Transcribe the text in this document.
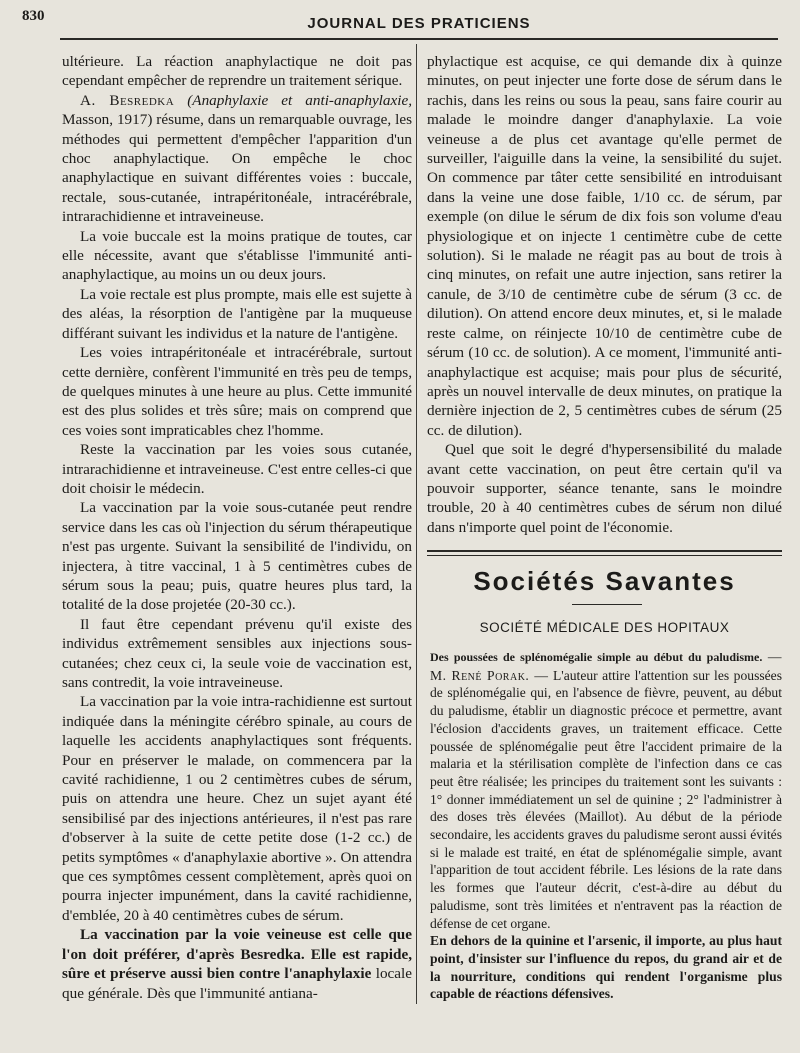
830	JOURNAL DES PRATICIENS

ultérieure. La réaction anaphylactique ne doit pas cependant empêcher de reprendre un traitement sérique.

A. Besredka (Anaphylaxie et anti-anaphylaxie, Masson, 1917) résume, dans un remarquable ouvrage, les méthodes qui permettent d'empêcher l'apparition d'un choc anaphylactique. On empêche le choc anaphylactique en suivant différentes voies : buccale, rectale, sous-cutanée, intrapéritonéale, intracérébrale, intrarachidienne et intraveineuse.

La voie buccale est la moins pratique de toutes, car elle nécessite, avant que s'établisse l'immunité anti-anaphylactique, au moins un ou deux jours.

La voie rectale est plus prompte, mais elle est sujette à des aléas, la résorption de l'antigène par la muqueuse différant suivant les individus et la nature de l'antigène.

Les voies intrapéritonéale et intracérébrale, surtout cette dernière, confèrent l'immunité en très peu de temps, de quelques minutes à une heure au plus. Cette immunité est des plus solides et très sûre; mais on comprend que ces voies sont impraticables chez l'homme.

Reste la vaccination par les voies sous cutanée, intrarachidienne et intraveineuse. C'est entre celles-ci que doit choisir le médecin.

La vaccination par la voie sous-cutanée peut rendre service dans les cas où l'injection du sérum thérapeutique n'est pas urgente. Suivant la sensibilité de l'individu, on injectera, à titre vaccinal, 1 à 5 centimètres cubes de sérum sous la peau; puis, quatre heures plus tard, la totalité de la dose projetée (20-30 cc.).

Il faut être cependant prévenu qu'il existe des individus extrêmement sensibles aux injections sous-cutanées; chez ceux ci, la seule voie de vaccination est, sans contredit, la voie intraveineuse.

La vaccination par la voie intra-rachidienne est surtout indiquée dans la méningite cérébro spinale, au cours de laquelle les accidents anaphylactiques sont fréquents. Pour en préserver le malade, on commencera par la cavité rachidienne, 1 ou 2 centimètres cubes de sérum, puis on attendra une heure. Chez un sujet ayant été sensibilisé par des injections antérieures, il n'est pas rare d'observer à la suite de cette petite dose (1-2 cc.) de petits symptômes « d'anaphylaxie abortive ». On attendra que ces symptômes cessent complètement, après quoi on pourra injecter impunément, dans la cavité rachidienne, d'emblée, 20 à 40 centimètres cubes de sérum.

La vaccination par la voie veineuse est celle que l'on doit préférer, d'après Besredka. Elle est rapide, sûre et préserve aussi bien contre l'anaphylaxie locale que générale. Dès que l'immunité antiana-

phylactique est acquise, ce qui demande dix à quinze minutes, on peut injecter une forte dose de sérum dans le rachis, dans les reins ou sous la peau, sans faire courir au malade le moindre danger d'anaphylaxie. La voie veineuse a de plus cet avantage qu'elle permet de surveiller, l'aiguille dans la veine, la sensibilité du sujet. On commence par tâter cette sensibilité en introduisant dans la veine une dose faible, 1/10 cc. de sérum, par exemple (on dilue le sérum de dix fois son volume d'eau physiologique et on injecte 1 centimètre cube de cette solution). Si le malade ne réagit pas au bout de trois à cinq minutes, on refait une autre injection, sans retirer la canule, de 3/10 de centimètre cube de sérum (3 cc. de dilution). On attend encore deux minutes, et, si le malade reste calme, on réinjecte 10/10 de centimètre cube de sérum (10 cc. de solution). A ce moment, l'immunité anti-anaphylactique est acquise; mais pour plus de sécurité, après un nouvel intervalle de deux minutes, on pratique la dernière injection de 2, 5 centimètres cubes de sérum (25 cc. de dilution).

Quel que soit le degré d'hypersensibilité du malade avant cette vaccination, on peut être certain qu'il va pouvoir supporter, séance tenante, sans le moindre trouble, 20 à 40 centimètres cubes de sérum non dilué dans n'importe quel point de l'économie.

Sociétés Savantes
SOCIÉTÉ MÉDICALE DES HOPITAUX

Des poussées de splénomégalie simple au début du paludisme. — M. René Porak. — L'auteur attire l'attention sur les poussées de splénomégalie qui, en l'absence de fièvre, peuvent, au début du paludisme, établir un diagnostic précoce et permettre, avant l'éclosion d'accidents graves, un traitement efficace. Cette poussée de splénomégalie peut être l'accident primaire de la malaria et la stérilisation complète de l'infection dans ce cas peut être réalisée; les principes du traitement sont les suivants : 1° donner immédiatement un sel de quinine ; 2° l'administrer à des doses très élevées (Maillot). Au début de la période secondaire, les accidents graves du paludisme seront aussi évités si le malade est traité, en état de splénomégalie simple, avant l'apparition de tout accident fébrile. Les lésions de la rate dans les formes que l'auteur décrit, c'est-à-dire au début du paludisme, sont très limitées et n'entravent pas la réaction de défense de cet organe.

En dehors de la quinine et l'arsenic, il importe, au plus haut point, d'insister sur l'influence du repos, du grand air et de la nourriture, conditions qui rendent l'organisme plus capable de réactions défensives.
